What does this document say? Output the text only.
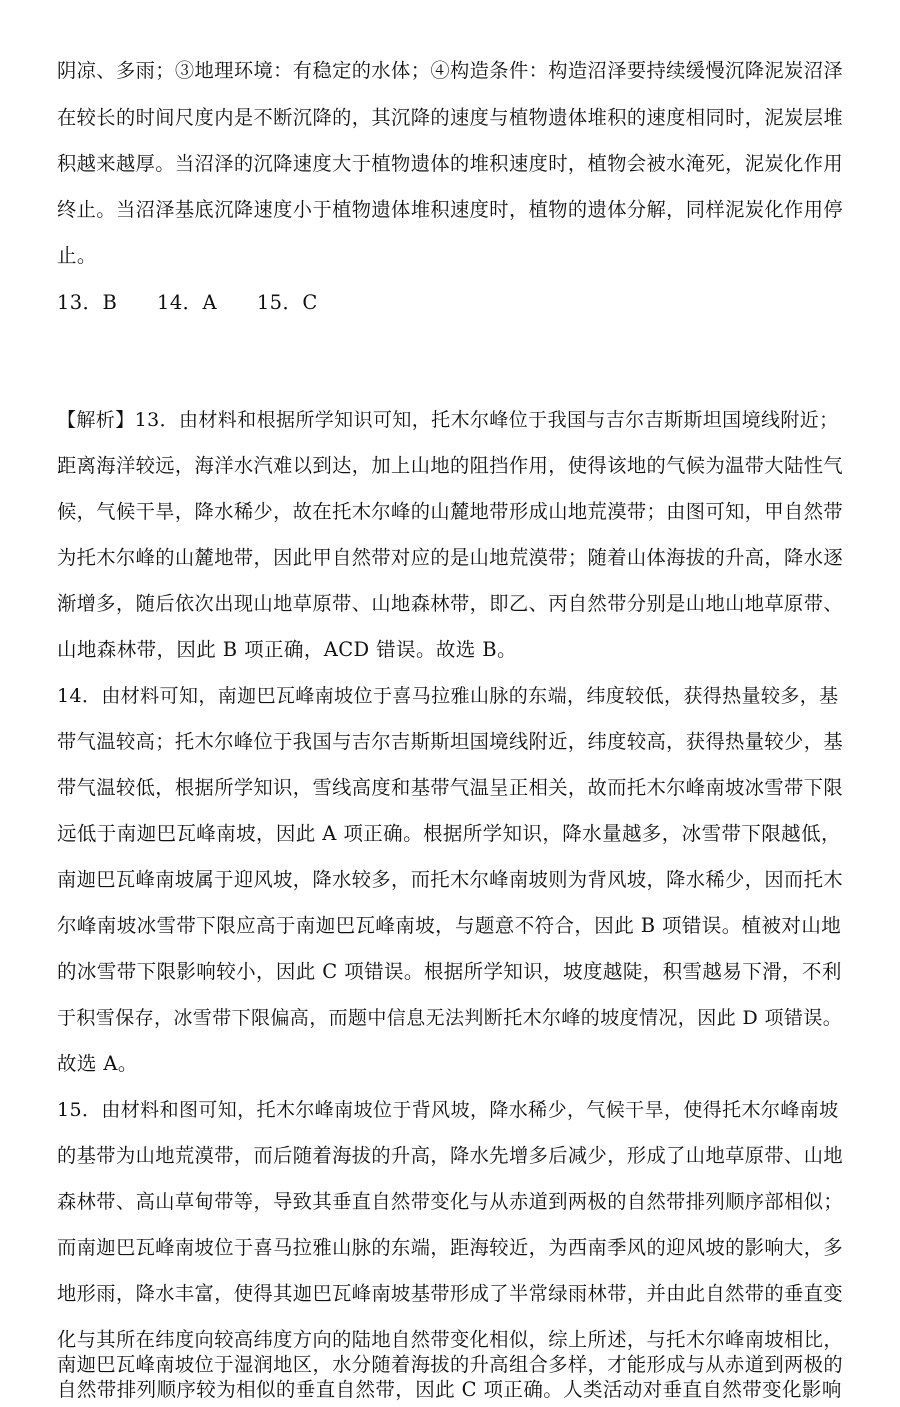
阴凉、多雨；③地理环境：有稳定的水体；④构造条件：构造沼泽要持续缓慢沉降泥炭沼泽
在较长的时间尺度内是不断沉降的，其沉降的速度与植物遗体堆积的速度相同时，泥炭层堆
积越来越厚。当沼泽的沉降速度大于植物遗体的堆积速度时，植物会被水淹死，泥炭化作用
终止。当沼泽基底沉降速度小于植物遗体堆积速度时，植物的遗体分解，同样泥炭化作用停
止。
13．B　　14．A　　15．C
【解析】13．由材料和根据所学知识可知，托木尔峰位于我国与吉尔吉斯斯坦国境线附近；
距离海洋较远，海洋水汽难以到达，加上山地的阻挡作用，使得该地的气候为温带大陆性气
候，气候干旱，降水稀少，故在托木尔峰的山麓地带形成山地荒漠带；由图可知，甲自然带
为托木尔峰的山麓地带，因此甲自然带对应的是山地荒漠带；随着山体海拔的升高，降水逐
渐增多，随后依次出现山地草原带、山地森林带，即乙、丙自然带分别是山地山地草原带、
山地森林带，因此 B 项正确，ACD 错误。故选 B。
14．由材料可知，南迦巴瓦峰南坡位于喜马拉雅山脉的东端，纬度较低，获得热量较多，基
带气温较高；托木尔峰位于我国与吉尔吉斯斯坦国境线附近，纬度较高，获得热量较少，基
带气温较低，根据所学知识，雪线高度和基带气温呈正相关，故而托木尔峰南坡冰雪带下限
远低于南迦巴瓦峰南坡，因此 A 项正确。根据所学知识，降水量越多，冰雪带下限越低，
南迦巴瓦峰南坡属于迎风坡，降水较多，而托木尔峰南坡则为背风坡，降水稀少，因而托木
尔峰南坡冰雪带下限应高于南迦巴瓦峰南坡，与题意不符合，因此 B 项错误。植被对山地
的冰雪带下限影响较小，因此 C 项错误。根据所学知识，坡度越陡，积雪越易下滑，不利
于积雪保存，冰雪带下限偏高，而题中信息无法判断托木尔峰的坡度情况，因此 D 项错误。
故选 A。
15．由材料和图可知，托木尔峰南坡位于背风坡，降水稀少，气候干旱，使得托木尔峰南坡
的基带为山地荒漠带，而后随着海拔的升高，降水先增多后减少，形成了山地草原带、山地
森林带、高山草甸带等，导致其垂直自然带变化与从赤道到两极的自然带排列顺序部相似；
而南迦巴瓦峰南坡位于喜马拉雅山脉的东端，距海较近，为西南季风的迎风坡的影响大，多
地形雨，降水丰富，使得其迦巴瓦峰南坡基带形成了半常绿雨林带，并由此自然带的垂直变
化与其所在纬度向较高纬度方向的陆地自然带变化相似，综上所述，与托木尔峰南坡相比，
南迦巴瓦峰南坡位于湿润地区，水分随着海拔的升高组合多样，才能形成与从赤道到两极的
自然带排列顺序较为相似的垂直自然带，因此 C 项正确。人类活动对垂直自然带变化影响
